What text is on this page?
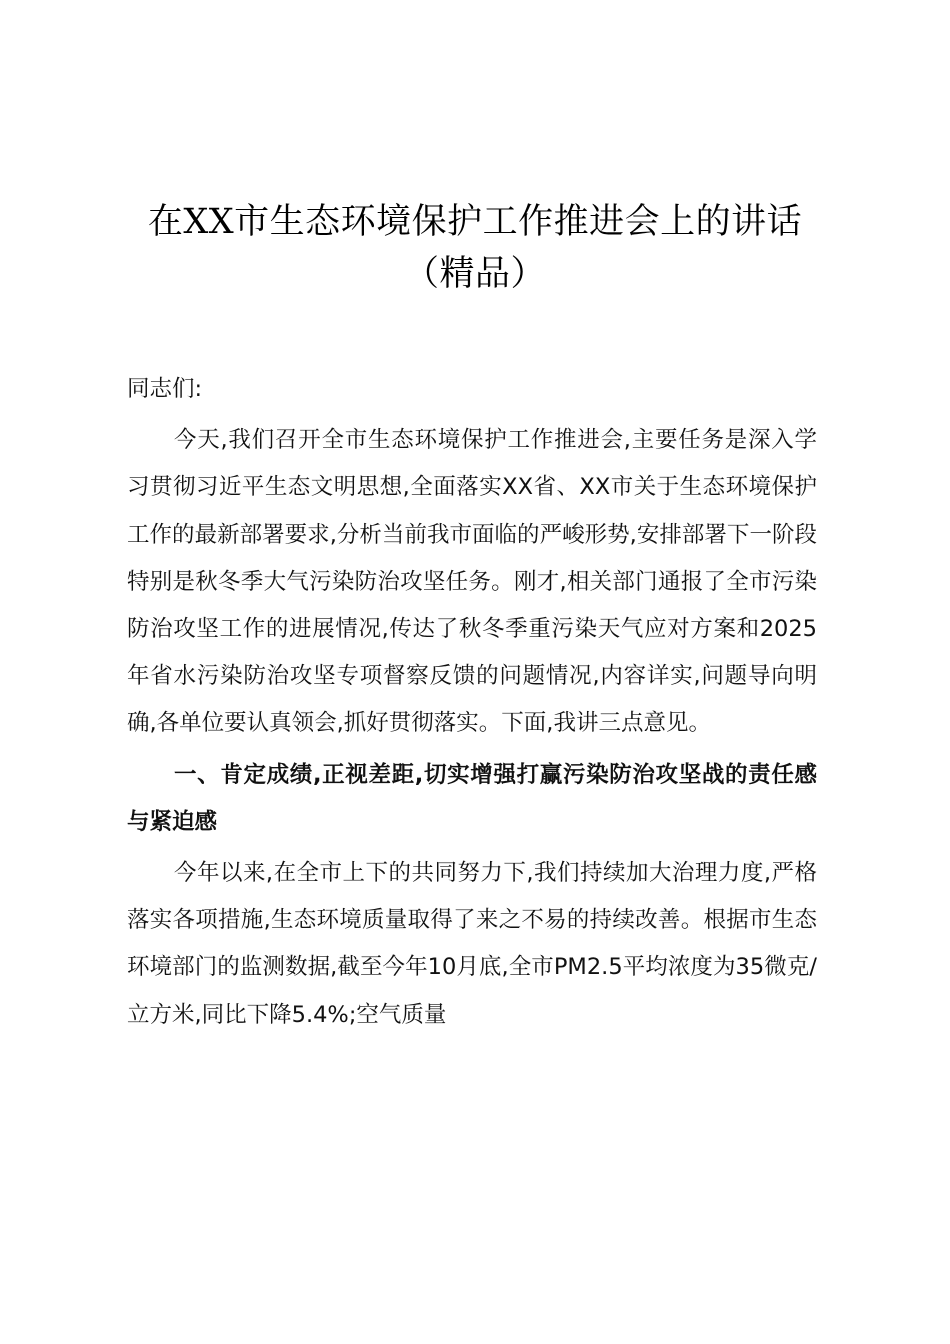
在XX市生态环境保护工作推进会上的讲话（精品）

同志们:

今天,我们召开全市生态环境保护工作推进会,主要任务是深入学习贯彻习近平生态文明思想,全面落实XX省、XX市关于生态环境保护工作的最新部署要求,分析当前我市面临的严峻形势,安排部署下一阶段特别是秋冬季大气污染防治攻坚任务。刚才,相关部门通报了全市污染防治攻坚工作的进展情况,传达了秋冬季重污染天气应对方案和2025年省水污染防治攻坚专项督察反馈的问题情况,内容详实,问题导向明确,各单位要认真领会,抓好贯彻落实。下面,我讲三点意见。

一、肯定成绩,正视差距,切实增强打赢污染防治攻坚战的责任感与紧迫感

今年以来,在全市上下的共同努力下,我们持续加大治理力度,严格落实各项措施,生态环境质量取得了来之不易的持续改善。根据市生态环境部门的监测数据,截至今年10月底,全市PM2.5平均浓度为35微克/立方米,同比下降5.4%;空气质量
